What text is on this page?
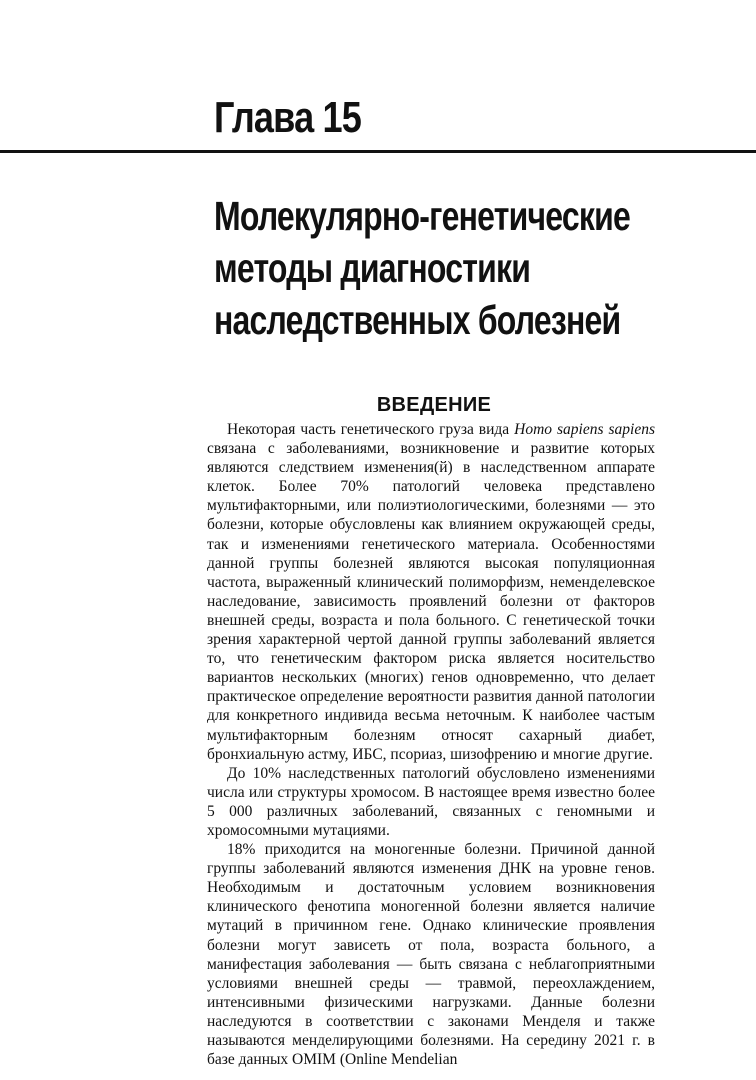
Глава 15
Молекулярно-генетические
методы диагностики
наследственных болезней
ВВЕДЕНИЕ

Некоторая часть генетического груза вида Homo sapiens sapiens связана с заболеваниями, возникновение и развитие которых являются следствием изменения(й) в наследственном аппарате клеток. Более 70% патологий человека представлено мультифакторными, или полиэтиологическими, болезнями — это болезни, которые обусловлены как влиянием окружающей среды, так и изменениями генетического материала. Особенностями данной группы болезней являются высокая популяционная частота, выраженный клинический полиморфизм, неменделевское наследование, зависимость проявлений болезни от факторов внешней среды, возраста и пола больного. С генетической точки зрения характерной чертой данной группы заболеваний является то, что генетическим фактором риска является носительство вариантов нескольких (многих) генов одновременно, что делает практическое определение вероятности развития данной патологии для конкретного индивида весьма неточным. К наиболее частым мультифакторным болезням относят сахарный диабет, бронхиальную астму, ИБС, псориаз, шизофрению и многие другие.

До 10% наследственных патологий обусловлено изменениями числа или структуры хромосом. В настоящее время известно более 5 000 различных заболеваний, связанных с геномными и хромосомными мутациями.

18% приходится на моногенные болезни. Причиной данной группы заболеваний являются изменения ДНК на уровне генов. Необходимым и достаточным условием возникновения клинического фенотипа моногенной болезни является наличие мутаций в причинном гене. Однако клинические проявления болезни могут зависеть от пола, возраста больного, а манифестация заболевания — быть связана с неблагоприятными условиями внешней среды — травмой, переохлаждением, интенсивными физическими нагрузками. Данные болезни наследуются в соответствии с законами Менделя и также называются менделирующими болезнями. На середину 2021 г. в базе данных OMIM (Online Mendelian
